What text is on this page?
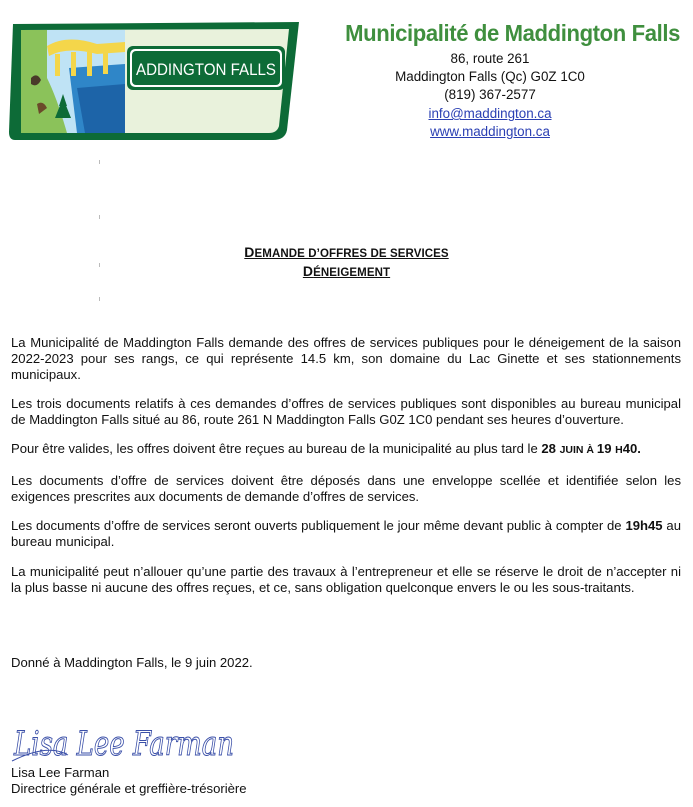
ADDINGTON FALLS
Municipalité de Maddington Falls
86, route 261
Maddington Falls (Qc) G0Z 1C0
(819) 367-2577
info@maddington.ca
www.maddington.ca
DEMANDE D’OFFRES DE SERVICES
DÉNEIGEMENT
La Municipalité de Maddington Falls demande des offres de services publiques pour le déneigement de la saison 2022-2023 pour ses rangs, ce qui représente 14.5 km, son domaine du Lac Ginette et ses stationnements municipaux.
Les trois documents relatifs à ces demandes d’offres de services publiques sont disponibles au bureau municipal de Maddington Falls situé au 86, route 261 N Maddington Falls G0Z 1C0 pendant ses heures d’ouverture.
Pour être valides, les offres doivent être reçues au bureau de la municipalité au plus tard le 28 JUIN À 19 H40.
Les documents d’offre de services doivent être déposés dans une enveloppe scellée et identifiée selon les exigences prescrites aux documents de demande d’offres de services.
Les documents d’offre de services seront ouverts publiquement le jour même devant public à compter de 19h45 au bureau municipal.
La municipalité peut n’allouer qu’une partie des travaux à l’entrepreneur et elle se réserve le droit de n’accepter ni la plus basse ni aucune des offres reçues, et ce, sans obligation quelconque envers le ou les sous-traitants.
Donné à Maddington Falls, le 9 juin 2022.
Lisa Lee Farman
Lisa Lee Farman
Directrice générale et greffière-trésorière
